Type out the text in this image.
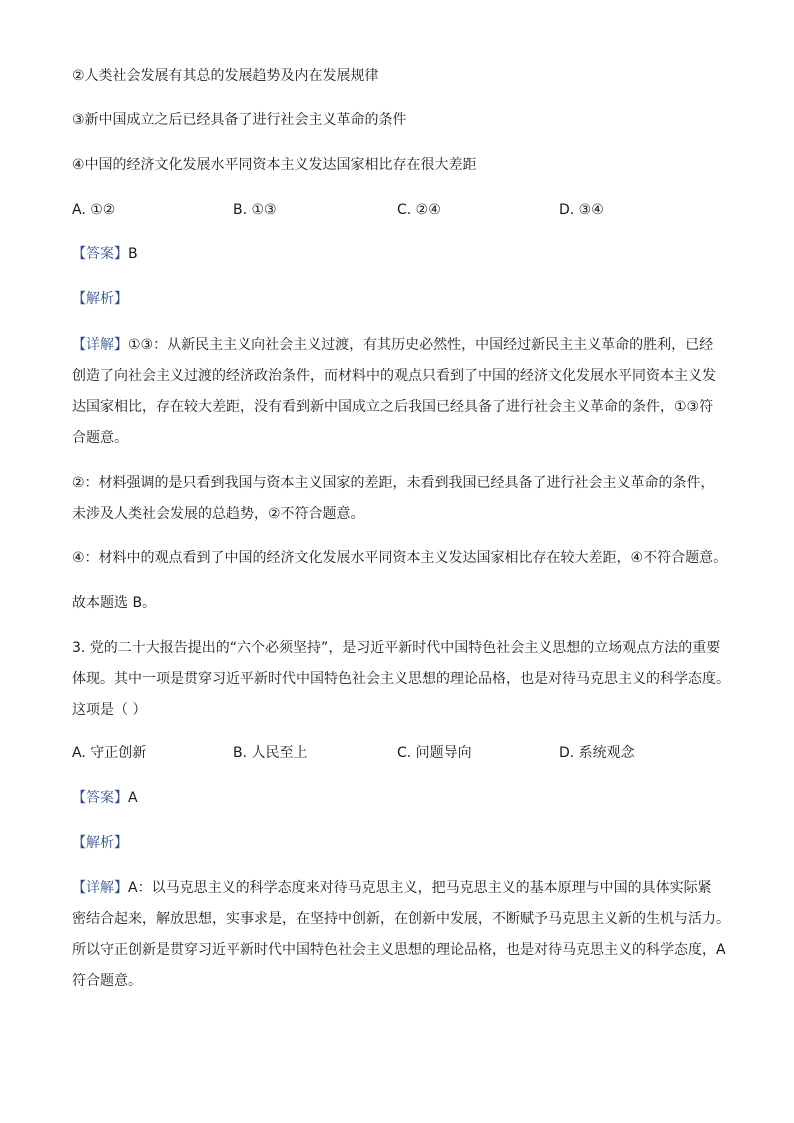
②人类社会发展有其总的发展趋势及内在发展规律
③新中国成立之后已经具备了进行社会主义革命的条件
④中国的经济文化发展水平同资本主义发达国家相比存在很大差距
A. ①②	B. ①③	C. ②④	D. ③④
【答案】B
【解析】
【详解】①③：从新民主主义向社会主义过渡，有其历史必然性，中国经过新民主主义革命的胜利，已经
创造了向社会主义过渡的经济政治条件，而材料中的观点只看到了中国的经济文化发展水平同资本主义发
达国家相比，存在较大差距，没有看到新中国成立之后我国已经具备了进行社会主义革命的条件，①③符
合题意。
②：材料强调的是只看到我国与资本主义国家的差距，未看到我国已经具备了进行社会主义革命的条件，
未涉及人类社会发展的总趋势，②不符合题意。
④：材料中的观点看到了中国的经济文化发展水平同资本主义发达国家相比存在较大差距，④不符合题意。
故本题选 B。
3. 党的二十大报告提出的“六个必须坚持”，是习近平新时代中国特色社会主义思想的立场观点方法的重要
体现。其中一项是贯穿习近平新时代中国特色社会主义思想的理论品格，也是对待马克思主义的科学态度。
这项是（ ）
A. 守正创新	B. 人民至上	C. 问题导向	D. 系统观念
【答案】A
【解析】
【详解】A：以马克思主义的科学态度来对待马克思主义，把马克思主义的基本原理与中国的具体实际紧
密结合起来，解放思想，实事求是，在坚持中创新，在创新中发展，不断赋予马克思主义新的生机与活力。
所以守正创新是贯穿习近平新时代中国特色社会主义思想的理论品格，也是对待马克思主义的科学态度，A
符合题意。
